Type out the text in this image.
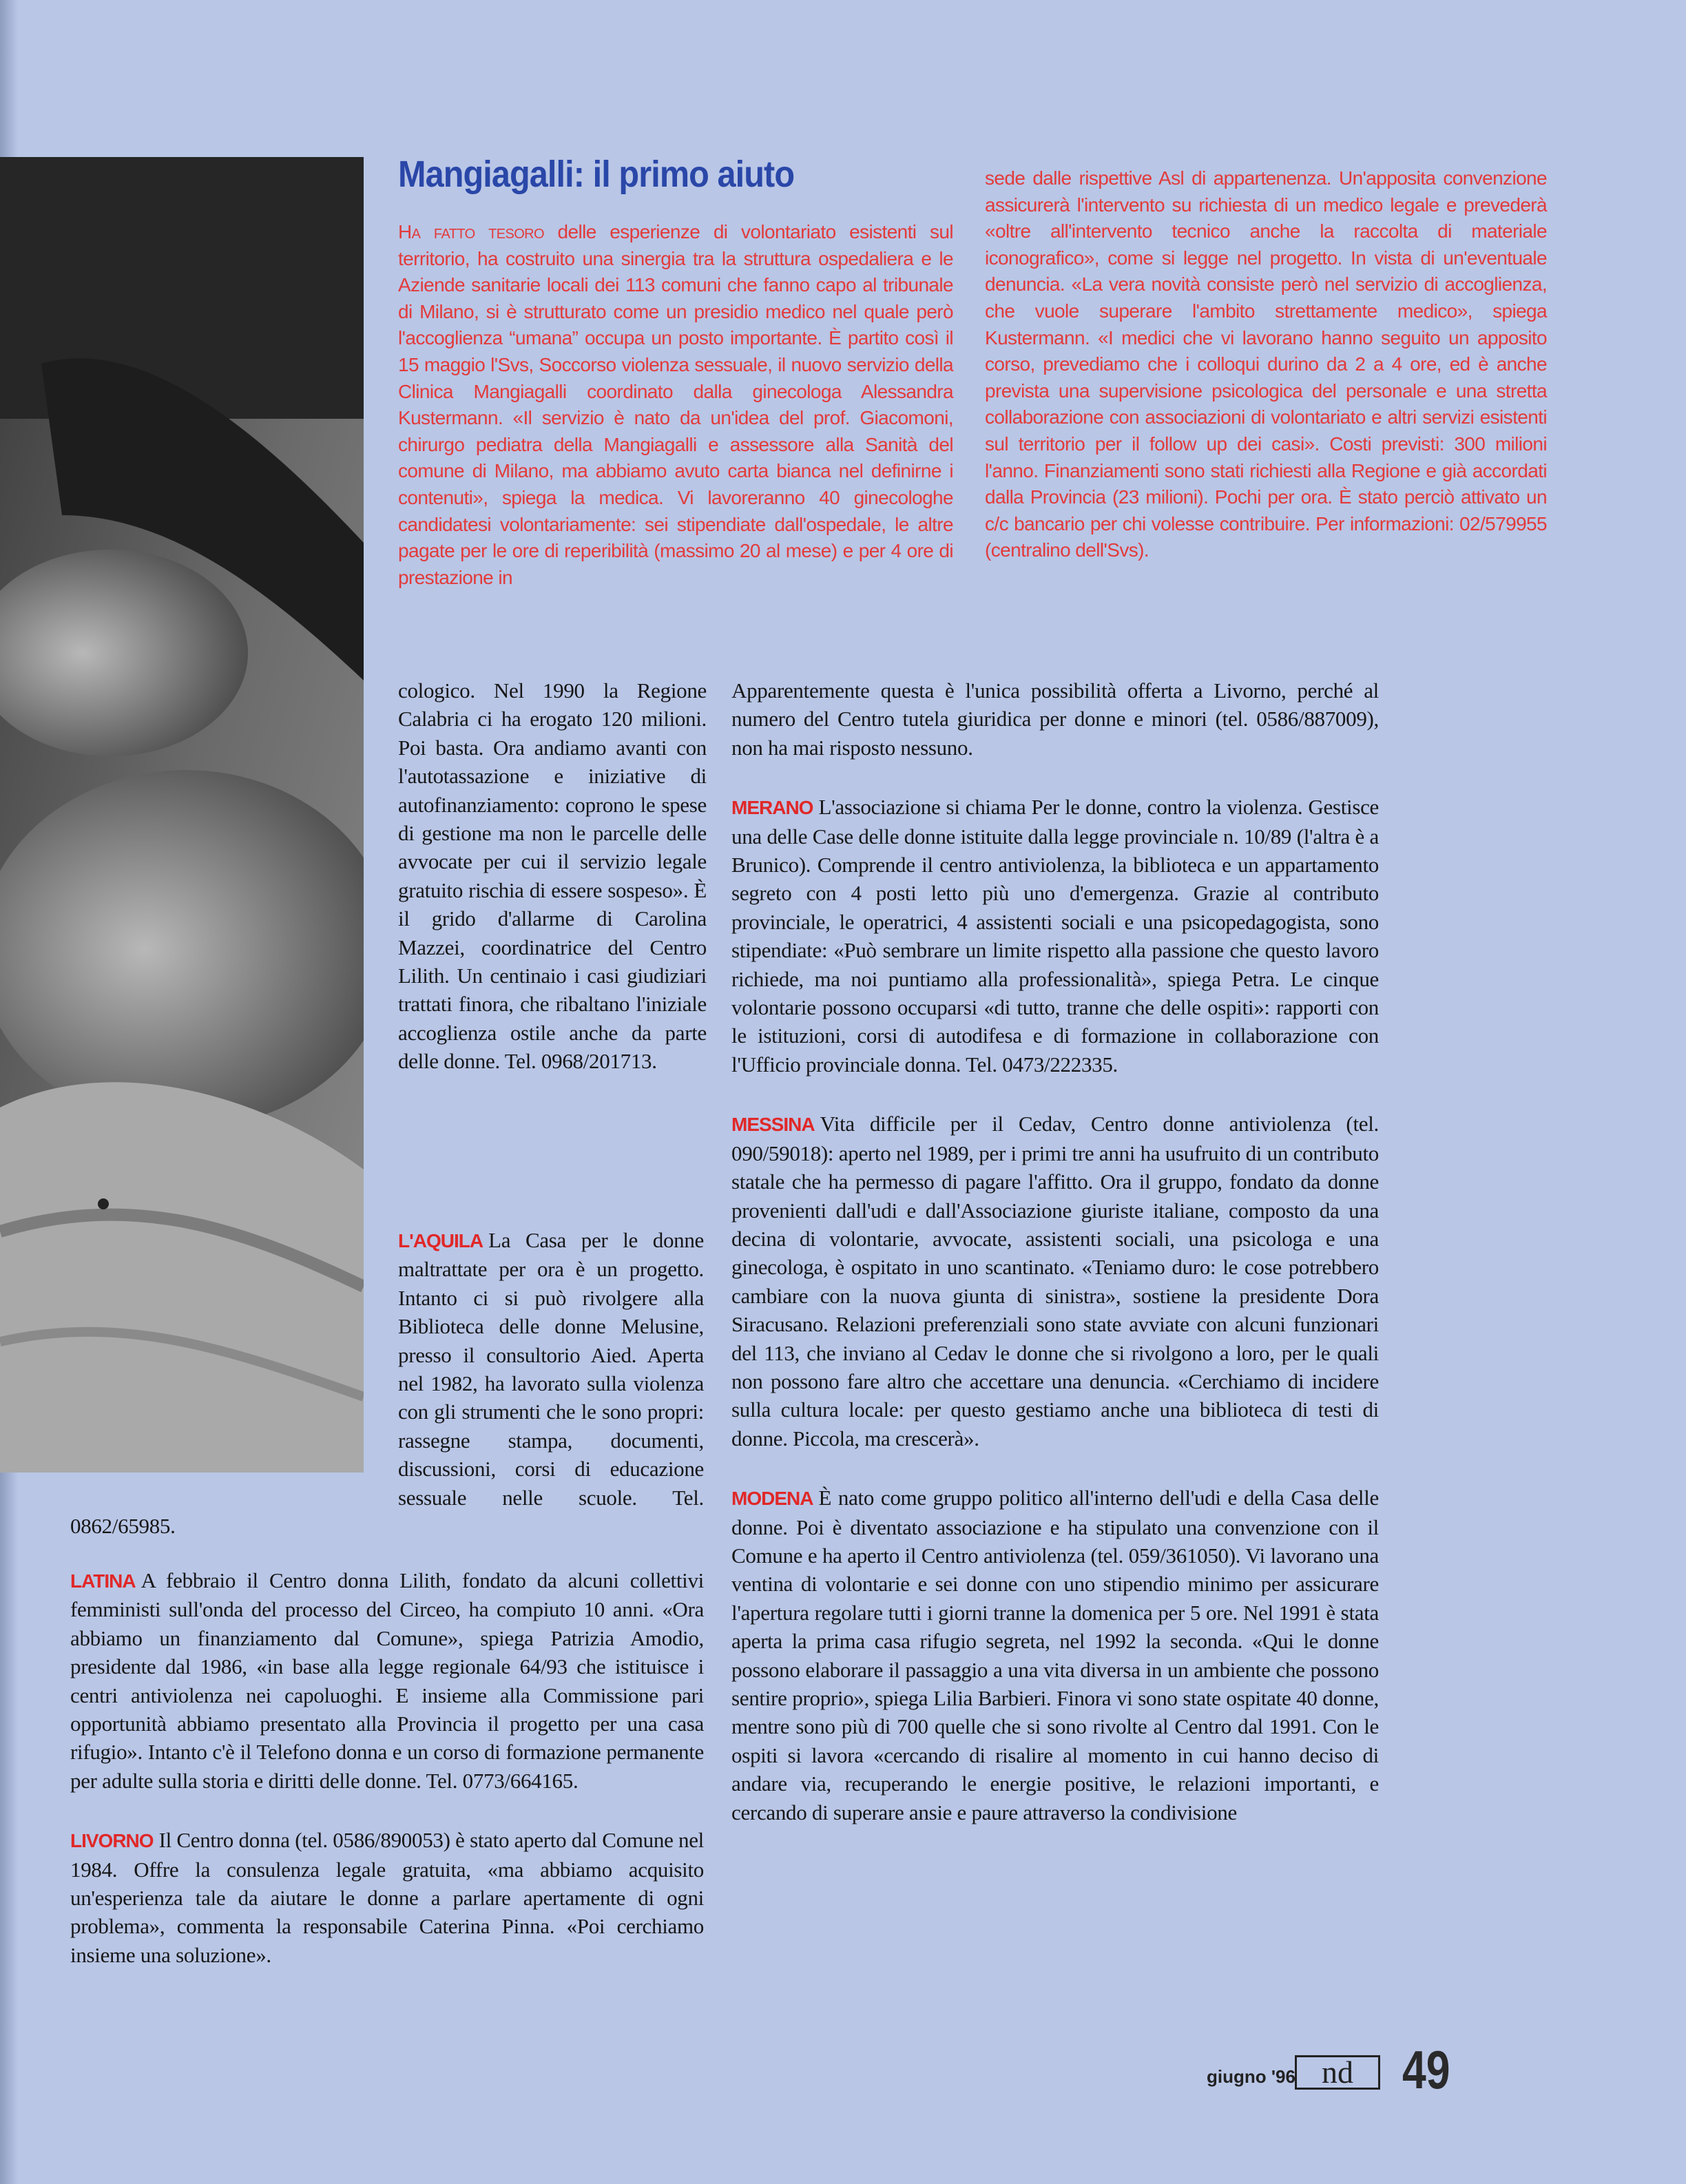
Mangiagalli: il primo aiuto

Ha fatto tesoro delle esperienze di volontariato esistenti sul territorio, ha costruito una sinergia tra la struttura ospedaliera e le Aziende sanitarie locali dei 113 comuni che fanno capo al tribunale di Milano, si è strutturato come un presidio medico nel quale però l'accoglienza “umana” occupa un posto importante. È partito così il 15 maggio l'Svs, Soccorso violenza sessuale, il nuovo servizio della Clinica Mangiagalli coordinato dalla ginecologa Alessandra Kustermann. «Il servizio è nato da un'idea del prof. Giacomoni, chirurgo pediatra della Mangiagalli e assessore alla Sanità del comune di Milano, ma abbiamo avuto carta bianca nel definirne i contenuti», spiega la medica. Vi lavoreranno 40 ginecologhe candidatesi volontariamente: sei stipendiate dall'ospedale, le altre pagate per le ore di reperibilità (massimo 20 al mese) e per 4 ore di prestazione in

sede dalle rispettive Asl di appartenenza. Un'apposita convenzione assicurerà l'intervento su richiesta di un medico legale e prevederà «oltre all'intervento tecnico anche la raccolta di materiale iconografico», come si legge nel progetto. In vista di un'eventuale denuncia. «La vera novità consiste però nel servizio di accoglienza, che vuole superare l'ambito strettamente medico», spiega Kustermann. «I medici che vi lavorano hanno seguito un apposito corso, prevediamo che i colloqui durino da 2 a 4 ore, ed è anche prevista una supervisione psicologica del personale e una stretta collaborazione con associazioni di volontariato e altri servizi esistenti sul territorio per il follow up dei casi». Costi previsti: 300 milioni l'anno. Finanziamenti sono stati richiesti alla Regione e già accordati dalla Provincia (23 milioni). Pochi per ora. È stato perciò attivato un c/c bancario per chi volesse contribuire. Per informazioni: 02/579955 (centralino dell'Svs).

cologico. Nel 1990 la Regione Calabria ci ha erogato 120 milioni. Poi basta. Ora andiamo avanti con l'autotassazione e iniziative di autofinanziamento: coprono le spese di gestione ma non le parcelle delle avvocate per cui il servizio legale gratuito rischia di essere sospeso». È il grido d'allarme di Carolina Mazzei, coordinatrice del Centro Lilith. Un centinaio i casi giudiziari trattati finora, che ribaltano l'iniziale accoglienza ostile anche da parte delle donne. Tel. 0968/201713.

L'AQUILA La Casa per le donne maltrattate per ora è un progetto. Intanto ci si può rivolgere alla Biblioteca delle donne Melusine, presso il consultorio Aied. Aperta nel 1982, ha lavorato sulla violenza con gli strumenti che le sono propri: rassegne stampa, documenti, discussioni, corsi di educazione sessuale nelle scuole. Tel. 0862/65985.

LATINA A febbraio il Centro donna Lilith, fondato da alcuni collettivi femministi sull'onda del processo del Circeo, ha compiuto 10 anni. «Ora abbiamo un finanziamento dal Comune», spiega Patrizia Amodio, presidente dal 1986, «in base alla legge regionale 64/93 che istituisce i centri antiviolenza nei capoluoghi. E insieme alla Commissione pari opportunità abbiamo presentato alla Provincia il progetto per una casa rifugio». Intanto c'è il Telefono donna e un corso di formazione permanente per adulte sulla storia e diritti delle donne. Tel. 0773/664165.

LIVORNO Il Centro donna (tel. 0586/890053) è stato aperto dal Comune nel 1984. Offre la consulenza legale gratuita, «ma abbiamo acquisito un'esperienza tale da aiutare le donne a parlare apertamente di ogni problema», commenta la responsabile Caterina Pinna. «Poi cerchiamo insieme una soluzione».

Apparentemente questa è l'unica possibilità offerta a Livorno, perché al numero del Centro tutela giuridica per donne e minori (tel. 0586/887009), non ha mai risposto nessuno.

MERANO L'associazione si chiama Per le donne, contro la violenza. Gestisce una delle Case delle donne istituite dalla legge provinciale n. 10/89 (l'altra è a Brunico). Comprende il centro antiviolenza, la biblioteca e un appartamento segreto con 4 posti letto più uno d'emergenza. Grazie al contributo provinciale, le operatrici, 4 assistenti sociali e una psicopedagogista, sono stipendiate: «Può sembrare un limite rispetto alla passione che questo lavoro richiede, ma noi puntiamo alla professionalità», spiega Petra. Le cinque volontarie possono occuparsi «di tutto, tranne che delle ospiti»: rapporti con le istituzioni, corsi di autodifesa e di formazione in collaborazione con l'Ufficio provinciale donna. Tel. 0473/222335.

MESSINA Vita difficile per il Cedav, Centro donne antiviolenza (tel. 090/59018): aperto nel 1989, per i primi tre anni ha usufruito di un contributo statale che ha permesso di pagare l'affitto. Ora il gruppo, fondato da donne provenienti dall'udi e dall'Associazione giuriste italiane, composto da una decina di volontarie, avvocate, assistenti sociali, una psicologa e una ginecologa, è ospitato in uno scantinato. «Teniamo duro: le cose potrebbero cambiare con la nuova giunta di sinistra», sostiene la presidente Dora Siracusano. Relazioni preferenziali sono state avviate con alcuni funzionari del 113, che inviano al Cedav le donne che si rivolgono a loro, per le quali non possono fare altro che accettare una denuncia. «Cerchiamo di incidere sulla cultura locale: per questo gestiamo anche una biblioteca di testi di donne. Piccola, ma crescerà».

MODENA È nato come gruppo politico all'interno dell'udi e della Casa delle donne. Poi è diventato associazione e ha stipulato una convenzione con il Comune e ha aperto il Centro antiviolenza (tel. 059/361050). Vi lavorano una ventina di volontarie e sei donne con uno stipendio minimo per assicurare l'apertura regolare tutti i giorni tranne la domenica per 5 ore. Nel 1991 è stata aperta la prima casa rifugio segreta, nel 1992 la seconda. «Qui le donne possono elaborare il passaggio a una vita diversa in un ambiente che possono sentire proprio», spiega Lilia Barbieri. Finora vi sono state ospitate 40 donne, mentre sono più di 700 quelle che si sono rivolte al Centro dal 1991. Con le ospiti si lavora «cercando di risalire al momento in cui hanno deciso di andare via, recuperando le energie positive, le relazioni importanti, e cercando di superare ansie e paure attraverso la condivisione

giugno '96 nd 49
